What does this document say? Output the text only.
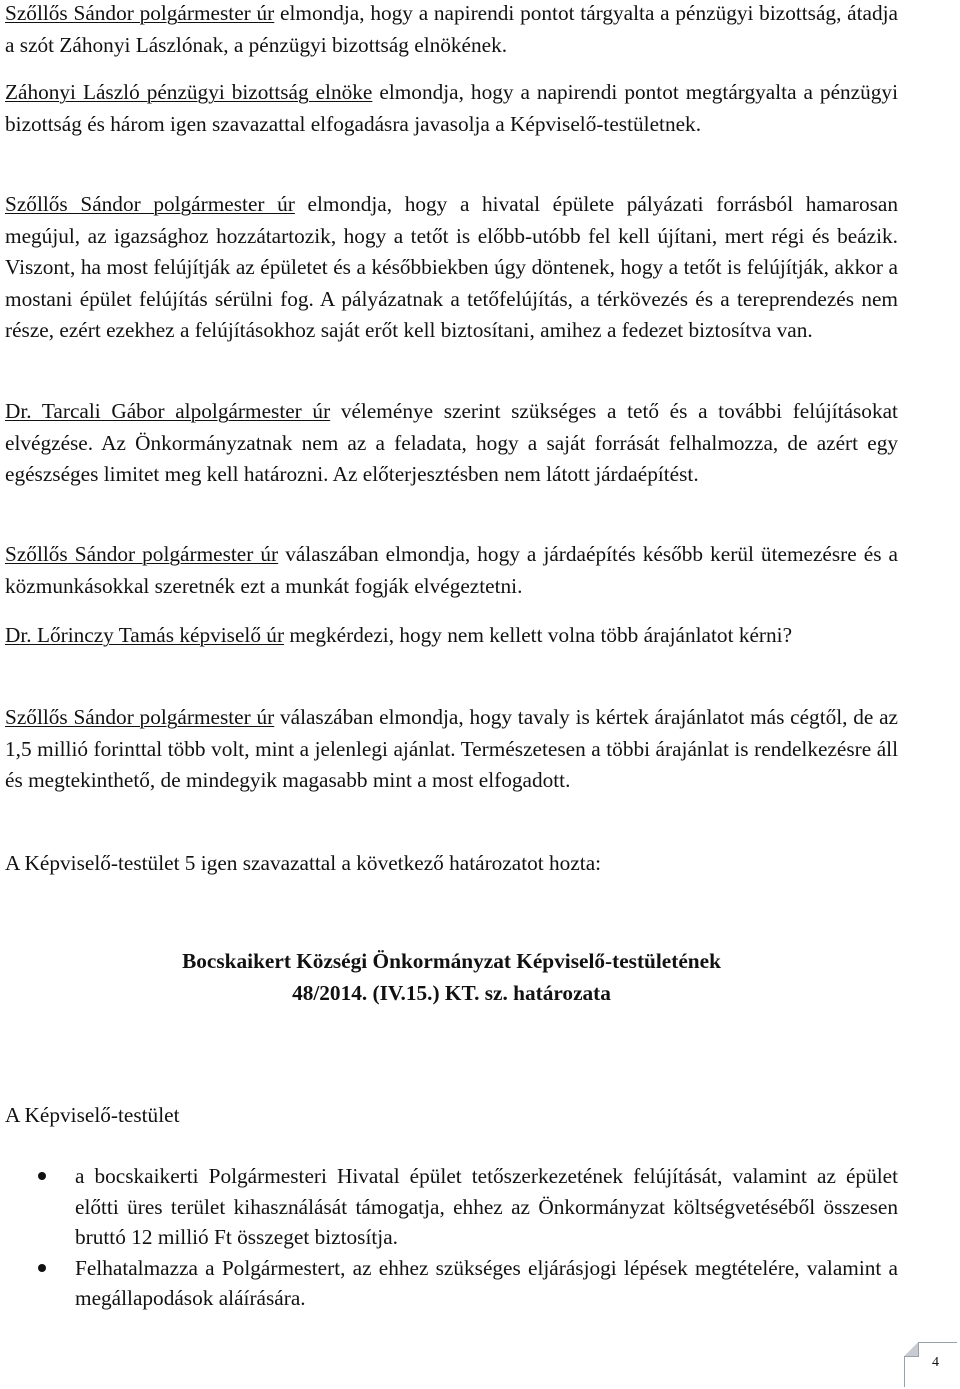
Szőllős Sándor polgármester úr elmondja, hogy a napirendi pontot tárgyalta a pénzügyi bizottság, átadja a szót Záhonyi Lászlónak, a pénzügyi bizottság elnökének.

Záhonyi László pénzügyi bizottság elnöke elmondja, hogy a napirendi pontot megtárgyalta a pénzügyi bizottság és három igen szavazattal elfogadásra javasolja a Képviselő-testületnek.

Szőllős Sándor polgármester úr elmondja, hogy a hivatal épülete pályázati forrásból hamarosan megújul, az igazsághoz hozzátartozik, hogy a tetőt is előbb-utóbb fel kell újítani, mert régi és beázik. Viszont, ha most felújítják az épületet és a későbbiekben úgy döntenek, hogy a tetőt is felújítják, akkor a mostani épület felújítás sérülni fog. A pályázatnak a tetőfelújítás, a térkövezés és a tereprendezés nem része, ezért ezekhez a felújításokhoz saját erőt kell biztosítani, amihez a fedezet biztosítva van.

Dr. Tarcali Gábor alpolgármester úr véleménye szerint szükséges a tető és a további felújításokat elvégzése. Az Önkormányzatnak nem az a feladata, hogy a saját forrását felhalmozza, de azért egy egészséges limitet meg kell határozni. Az előterjesztésben nem látott járdaépítést.

Szőllős Sándor polgármester úr válaszában elmondja, hogy a járdaépítés később kerül ütemezésre és a közmunkásokkal szeretnék ezt a munkát fogják elvégeztetni.

Dr. Lőrinczy Tamás képviselő úr megkérdezi, hogy nem kellett volna több árajánlatot kérni?

Szőllős Sándor polgármester úr válaszában elmondja, hogy tavaly is kértek árajánlatot más cégtől, de az 1,5 millió forinttal több volt, mint a jelenlegi ajánlat. Természetesen a többi árajánlat is rendelkezésre áll és megtekinthető, de mindegyik magasabb mint a most elfogadott.

A Képviselő-testület 5 igen szavazattal a következő határozatot hozta:

Bocskaikert Községi Önkormányzat Képviselő-testületének
48/2014. (IV.15.) KT. sz. határozata

A Képviselő-testület

a bocskaikerti Polgármesteri Hivatal épület tetőszerkezetének felújítását, valamint az épület előtti üres terület kihasználását támogatja, ehhez az Önkormányzat költségvetéséből összesen bruttó 12 millió Ft összeget biztosítja.
Felhatalmazza a Polgármestert, az ehhez szükséges eljárásjogi lépések megtételére, valamint a megállapodások aláírására.
4
